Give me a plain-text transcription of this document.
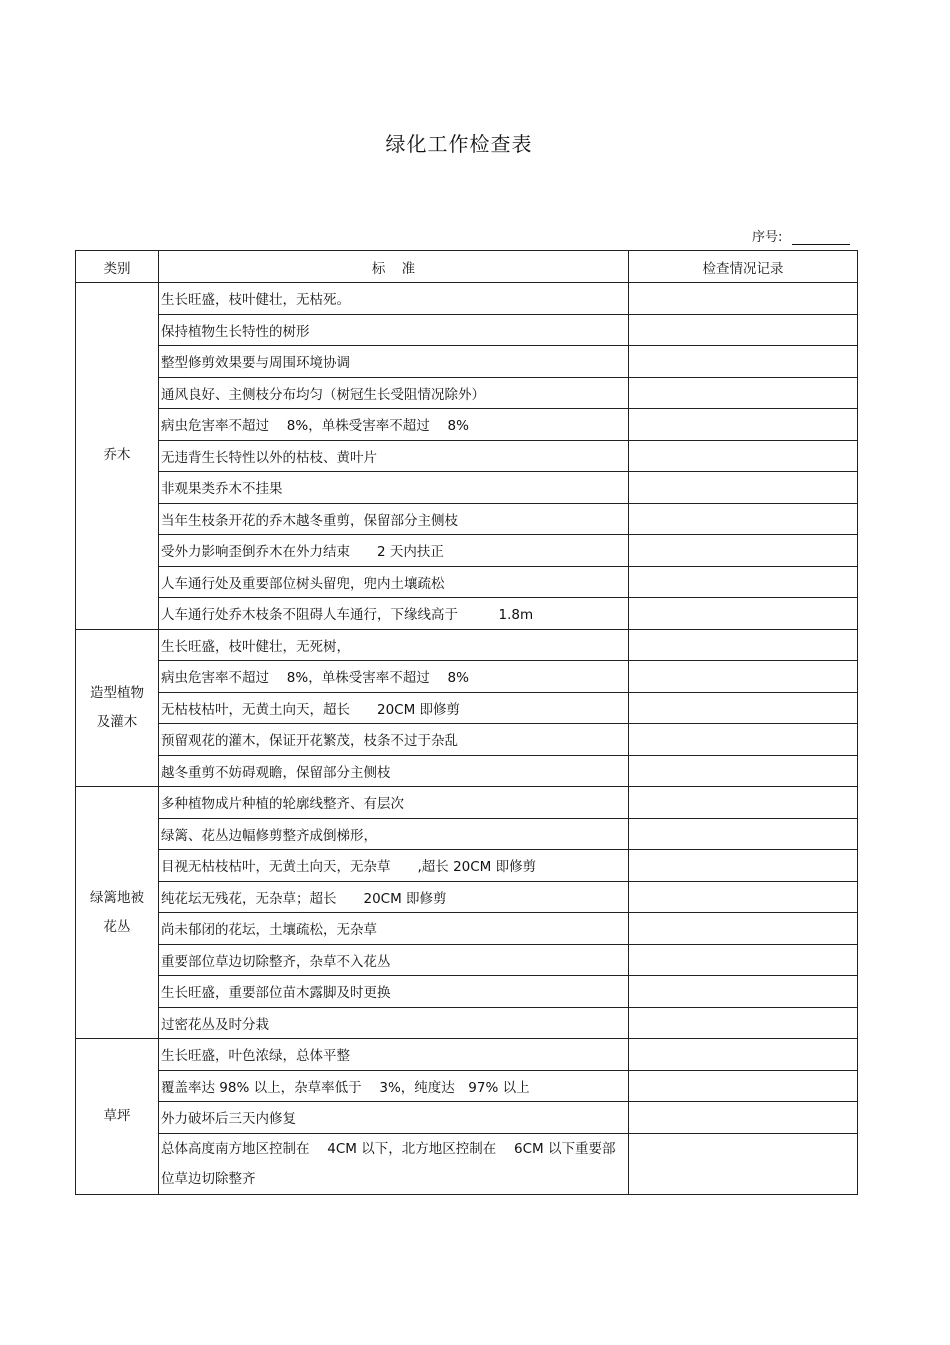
绿化工作检查表
序号:
类别	标 准	检查情况记录
乔木	生长旺盛，枝叶健壮，无枯死。	
	保持植物生长特性的树形	
	整型修剪效果要与周围环境协调	
	通风良好、主侧枝分布均匀（树冠生长受阻情况除外）	
	病虫危害率不超过　 8%，单株受害率不超过　 8%	
	无违背生长特性以外的枯枝、黄叶片	
	非观果类乔木不挂果	
	当年生枝条开花的乔木越冬重剪，保留部分主侧枝	
	受外力影响歪倒乔木在外力结束　　2 天内扶正	
	人车通行处及重要部位树头留兜，兜内土壤疏松	
	人车通行处乔木枝条不阻碍人车通行，下缘线高于　　　1.8m	
造型植物及灌木	生长旺盛，枝叶健壮，无死树，	
	病虫危害率不超过　 8%，单株受害率不超过　 8%	
	无枯枝枯叶，无黄土向天，超长　　20CM 即修剪	
	预留观花的灌木，保证开花繁茂，枝条不过于杂乱	
	越冬重剪不妨碍观瞻，保留部分主侧枝	
绿篱地被花丛	多种植物成片种植的轮廓线整齐、有层次	
	绿篱、花丛边幅修剪整齐成倒梯形，	
	目视无枯枝枯叶，无黄土向天，无杂草　　,超长 20CM 即修剪	
	纯花坛无残花，无杂草；超长　　20CM 即修剪	
	尚未郁闭的花坛，土壤疏松，无杂草	
	重要部位草边切除整齐，杂草不入花丛	
	生长旺盛，重要部位苗木露脚及时更换	
	过密花丛及时分栽	
草坪	生长旺盛，叶色浓绿，总体平整	
	覆盖率达 98% 以上，杂草率低于　 3%，纯度达　97% 以上	
	外力破坏后三天内修复	
	总体高度南方地区控制在　 4CM 以下，北方地区控制在　 6CM 以下重要部位草边切除整齐	
